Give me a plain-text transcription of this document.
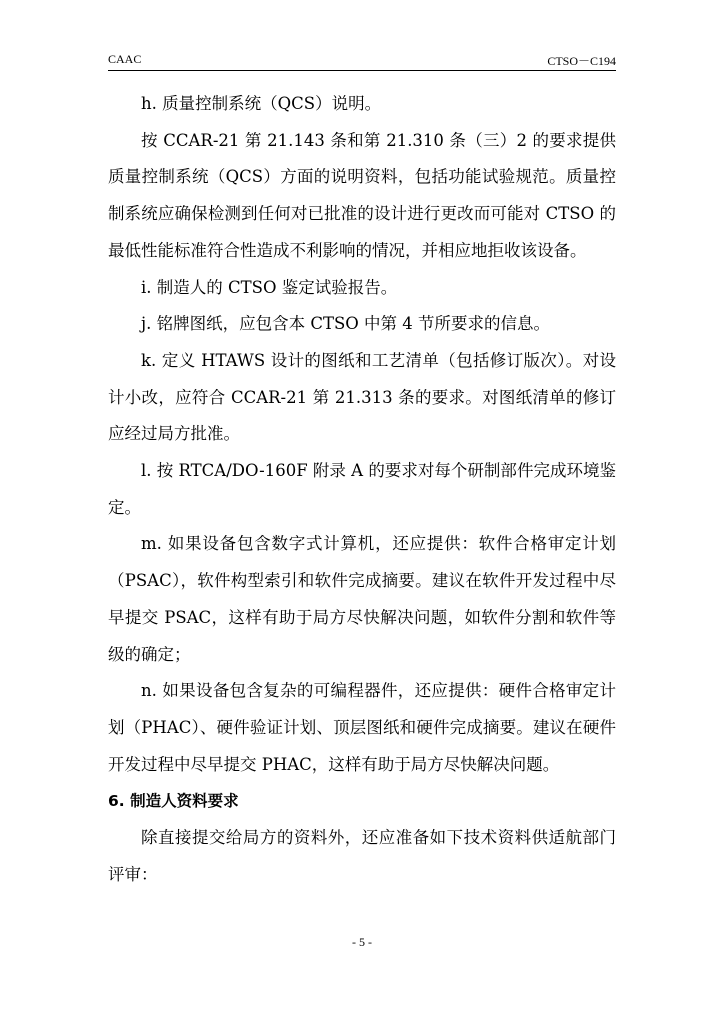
CAAC	CTSO－C194

h. 质量控制系统（QCS）说明。

按 CCAR-21 第 21.143 条和第 21.310 条（三）2 的要求提供质量控制系统（QCS）方面的说明资料，包括功能试验规范。质量控制系统应确保检测到任何对已批准的设计进行更改而可能对 CTSO 的最低性能标准符合性造成不利影响的情况，并相应地拒收该设备。

i. 制造人的 CTSO 鉴定试验报告。

j. 铭牌图纸，应包含本 CTSO 中第 4 节所要求的信息。

k. 定义 HTAWS 设计的图纸和工艺清单（包括修订版次）。对设计小改，应符合 CCAR-21 第 21.313 条的要求。对图纸清单的修订应经过局方批准。

l. 按 RTCA/DO-160F 附录 A 的要求对每个研制部件完成环境鉴定。

m. 如果设备包含数字式计算机，还应提供：软件合格审定计划（PSAC），软件构型索引和软件完成摘要。建议在软件开发过程中尽早提交 PSAC，这样有助于局方尽快解决问题，如软件分割和软件等级的确定；

n. 如果设备包含复杂的可编程器件，还应提供：硬件合格审定计划（PHAC）、硬件验证计划、顶层图纸和硬件完成摘要。建议在硬件开发过程中尽早提交 PHAC，这样有助于局方尽快解决问题。

6. 制造人资料要求

除直接提交给局方的资料外，还应准备如下技术资料供适航部门评审：

- 5 -
